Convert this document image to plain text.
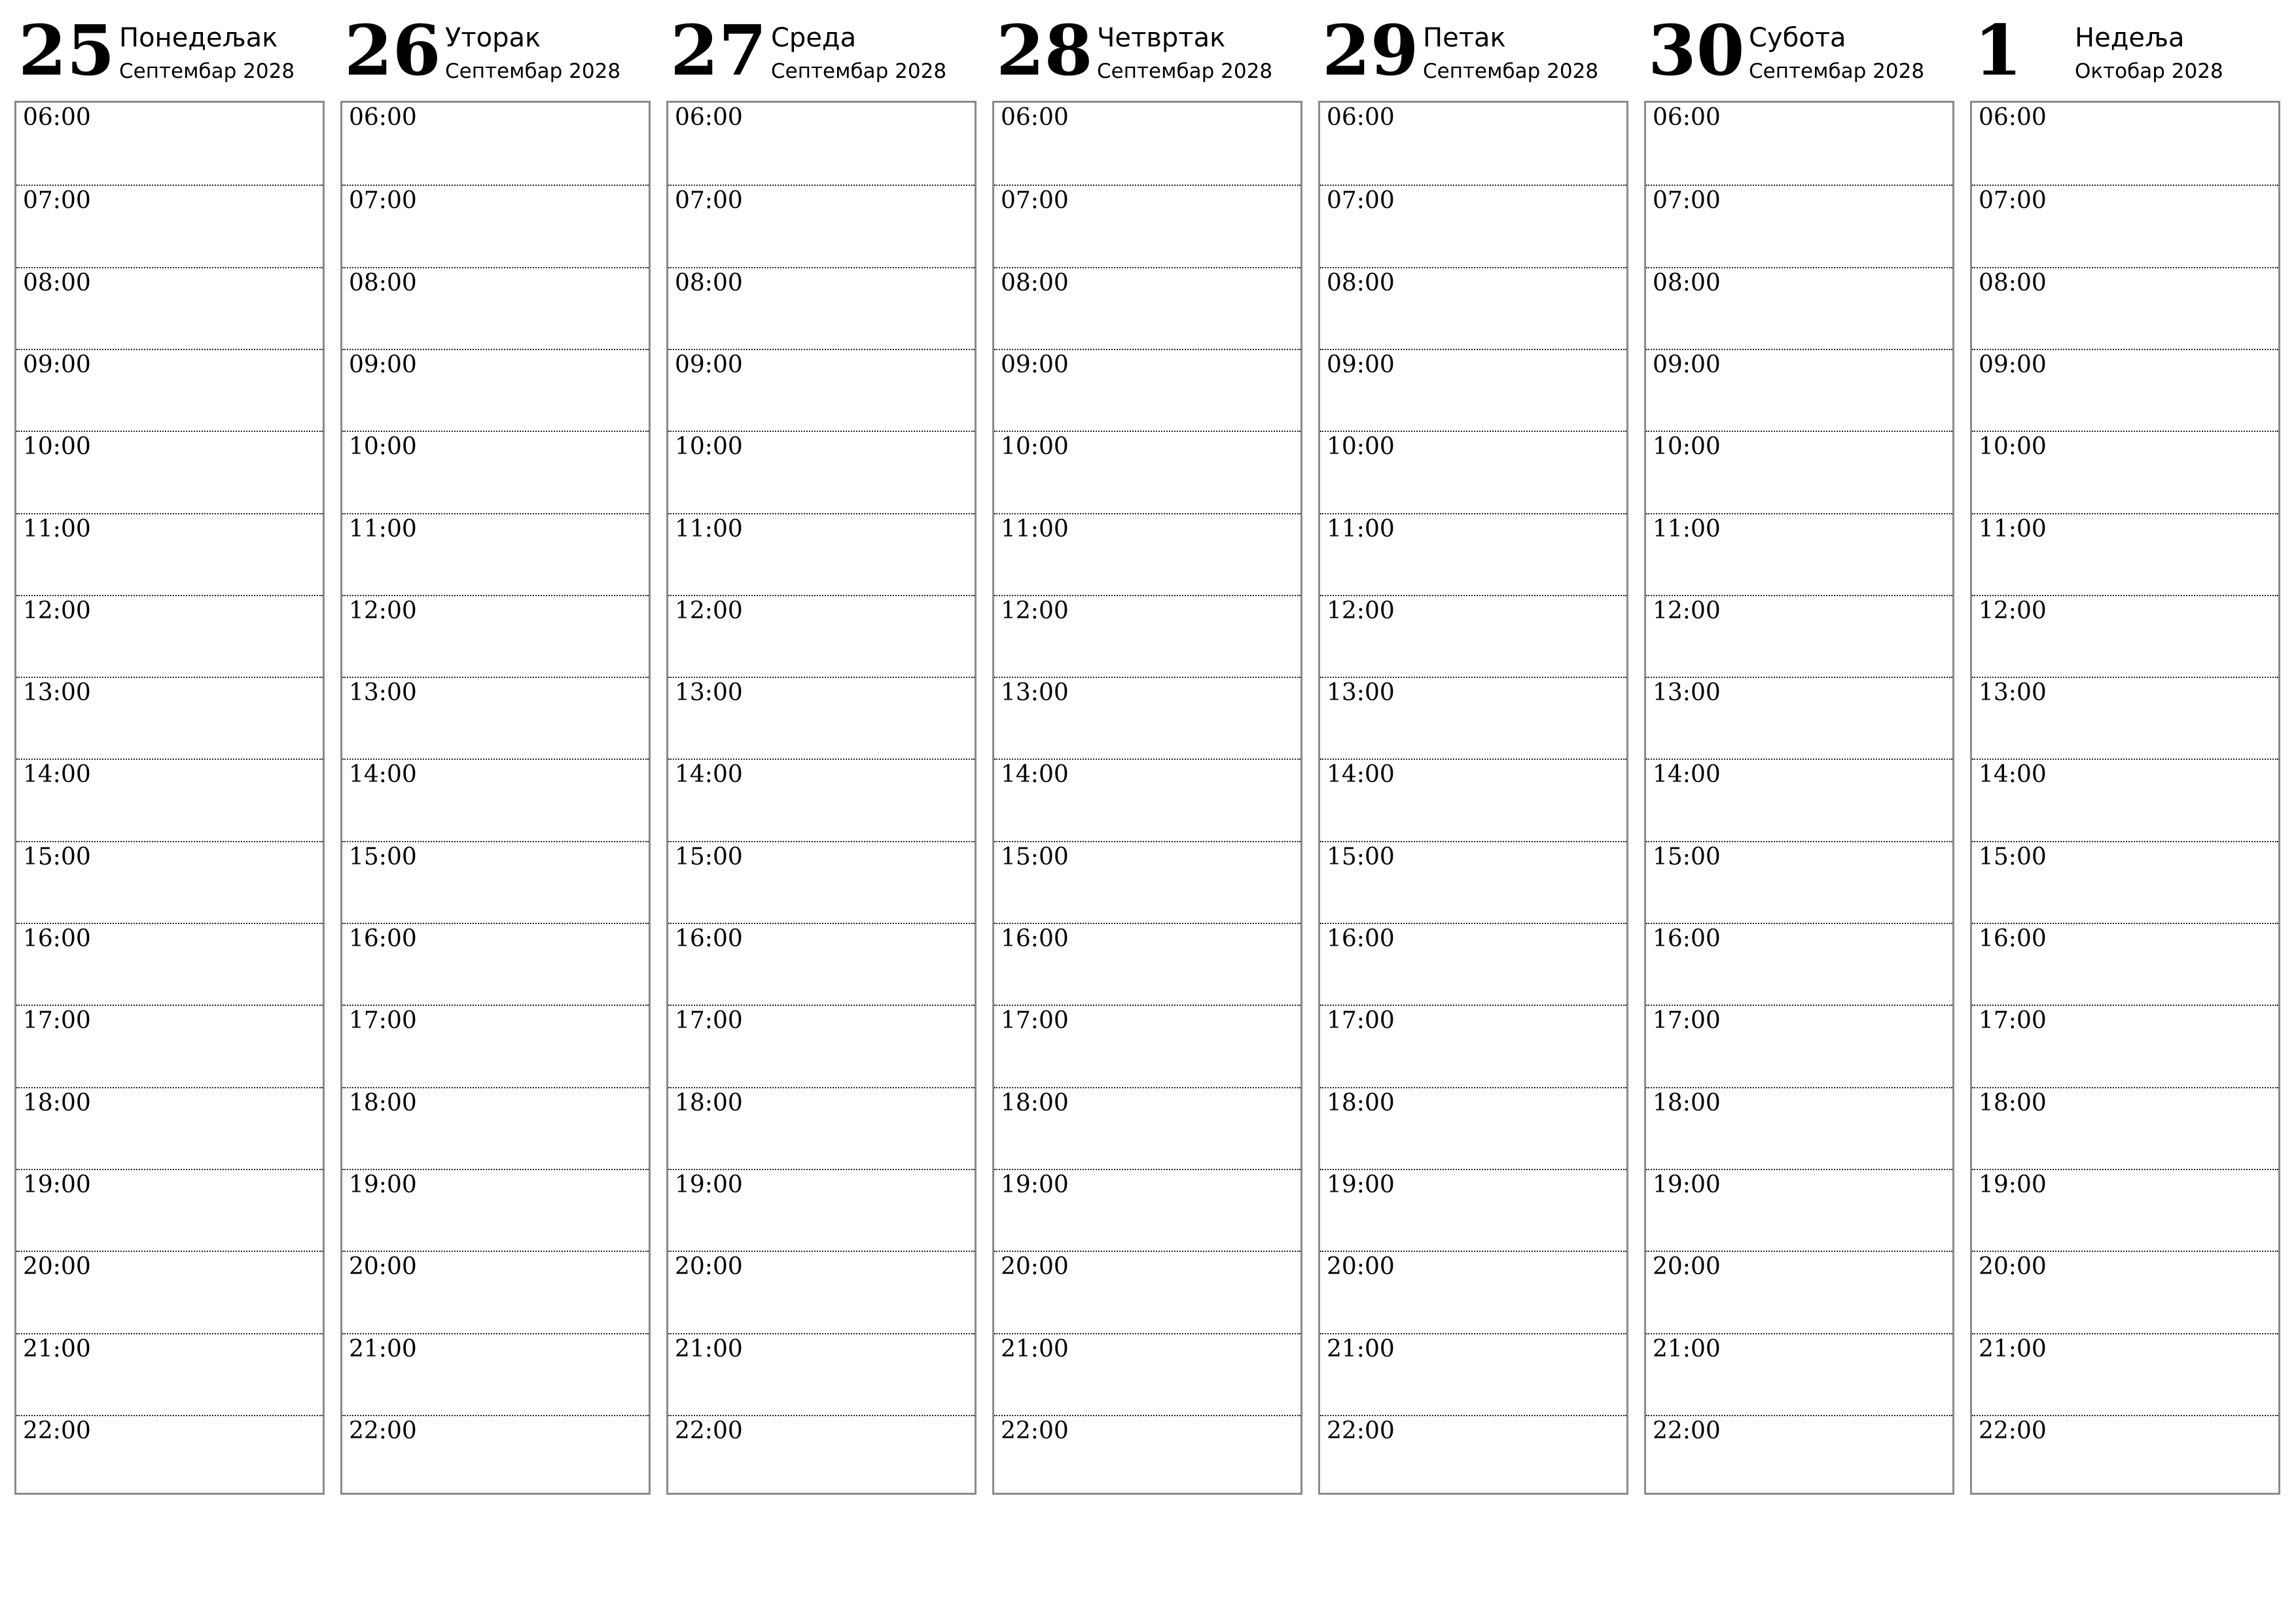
25 Понедељак
Септембар 2028
06:00
07:00
08:00
09:00
10:00
11:00
12:00
13:00
14:00
15:00
16:00
17:00
18:00
19:00
20:00
21:00
22:00
26 Уторак
Септембар 2028
06:00
07:00
08:00
09:00
10:00
11:00
12:00
13:00
14:00
15:00
16:00
17:00
18:00
19:00
20:00
21:00
22:00
27 Среда
Септембар 2028
06:00
07:00
08:00
09:00
10:00
11:00
12:00
13:00
14:00
15:00
16:00
17:00
18:00
19:00
20:00
21:00
22:00
28 Четвртак
Септембар 2028
06:00
07:00
08:00
09:00
10:00
11:00
12:00
13:00
14:00
15:00
16:00
17:00
18:00
19:00
20:00
21:00
22:00
29 Петак
Септембар 2028
06:00
07:00
08:00
09:00
10:00
11:00
12:00
13:00
14:00
15:00
16:00
17:00
18:00
19:00
20:00
21:00
22:00
30 Субота
Септембар 2028
06:00
07:00
08:00
09:00
10:00
11:00
12:00
13:00
14:00
15:00
16:00
17:00
18:00
19:00
20:00
21:00
22:00
1 Недеља
Октобар 2028
06:00
07:00
08:00
09:00
10:00
11:00
12:00
13:00
14:00
15:00
16:00
17:00
18:00
19:00
20:00
21:00
22:00
